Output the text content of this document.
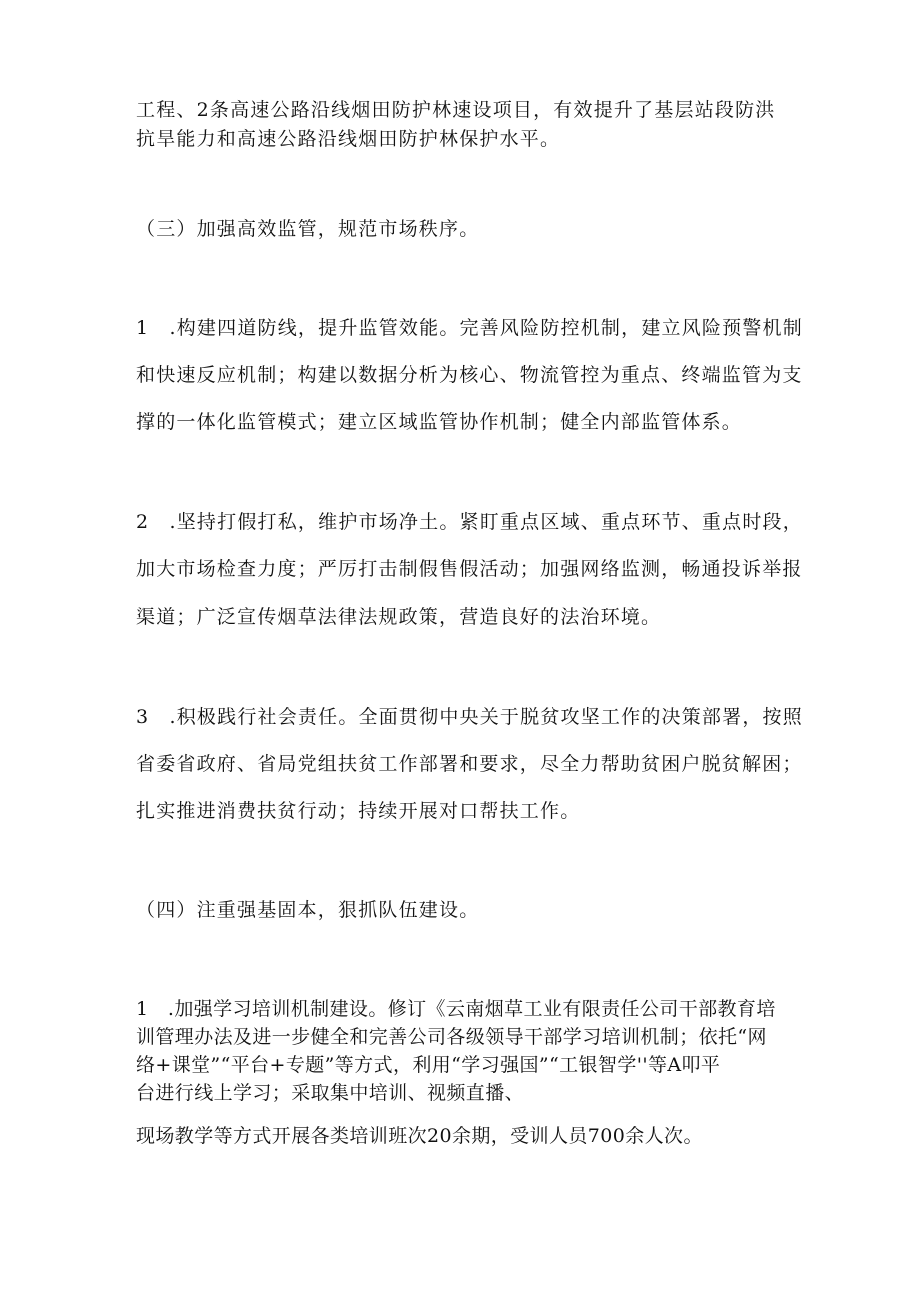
工程、2条高速公路沿线烟田防护林速设项目，有效提升了基层站段防洪

抗旱能力和高速公路沿线烟田防护林保护水平。

（三）加强高效监管，规范市场秩序。

1　.构建四道防线，提升监管效能。完善风险防控机制，建立风险预警机制

和快速反应机制；构建以数据分析为核心、物流管控为重点、终端监管为支

撑的一体化监管模式；建立区域监管协作机制；健全内部监管体系。

2　.坚持打假打私，维护市场净土。紧盯重点区域、重点环节、重点时段，

加大市场检查力度；严厉打击制假售假活动；加强网络监测，畅通投诉举报

渠道；广泛宣传烟草法律法规政策，营造良好的法治环境。

3　.积极践行社会责任。全面贯彻中央关于脱贫攻坚工作的决策部署，按照

省委省政府、省局党组扶贫工作部署和要求，尽全力帮助贫困户脱贫解困；

扎实推进消费扶贫行动；持续开展对口帮扶工作。

（四）注重强基固本，狠抓队伍建设。

1　.加强学习培训机制建设。修订《云南烟草工业有限责任公司干部教育培

训管理办法及进一步健全和完善公司各级领导干部学习培训机制；依托“网

络+课堂”“平台+专题”等方式，利用“学习强国”“工银智学''等A叩平

台进行线上学习；采取集中培训、视频直播、

现场教学等方式开展各类培训班次20余期，受训人员700余人次。
